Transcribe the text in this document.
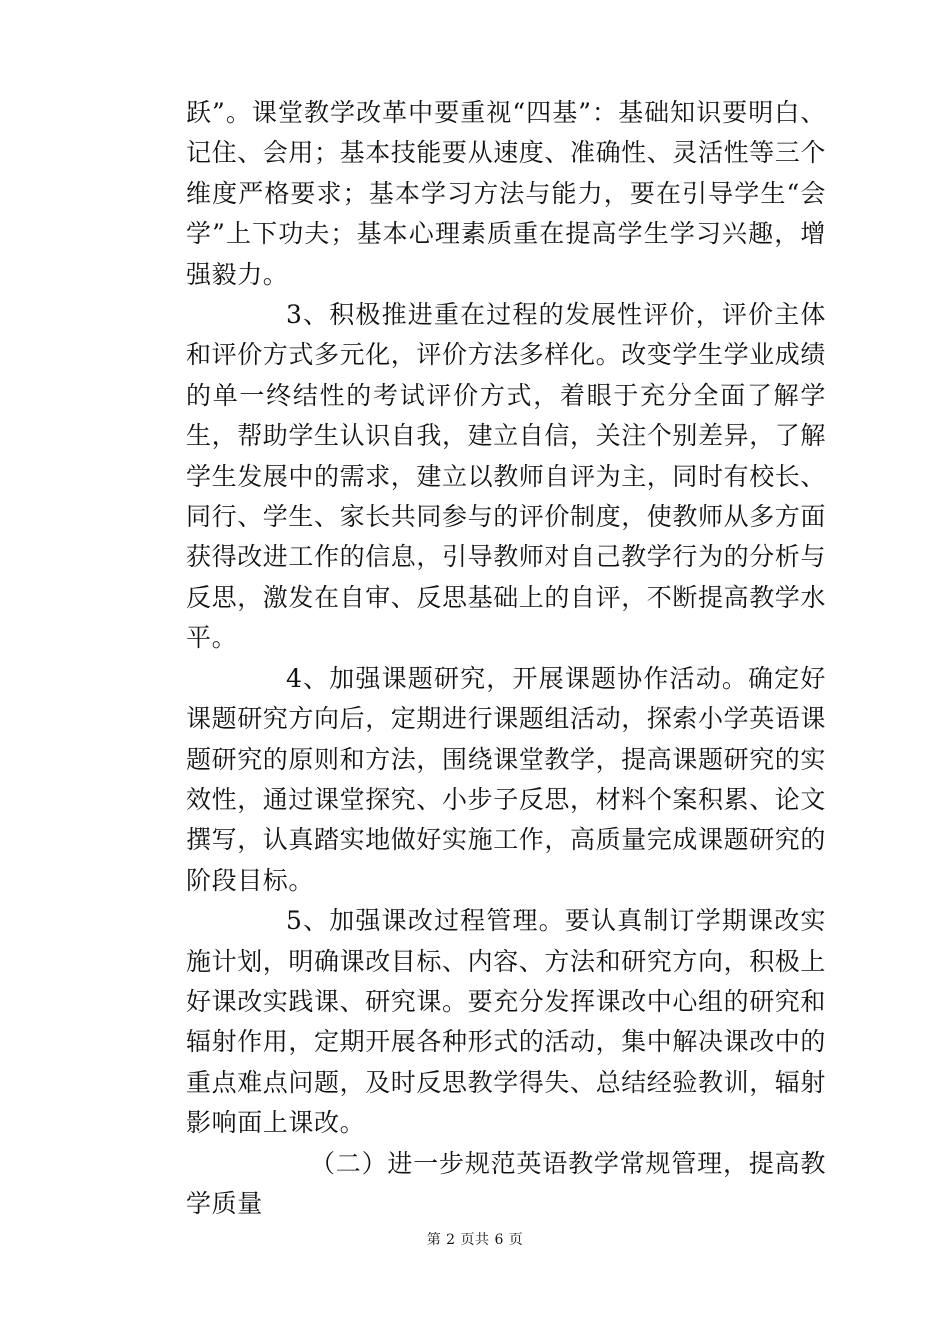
跃”。课堂教学改革中要重视“四基”：基础知识要明白、记住、会用；基本技能要从速度、准确性、灵活性等三个维度严格要求；基本学习方法与能力，要在引导学生“会学”上下功夫；基本心理素质重在提高学生学习兴趣，增强毅力。

3、积极推进重在过程的发展性评价，评价主体和评价方式多元化，评价方法多样化。改变学生学业成绩的单一终结性的考试评价方式，着眼于充分全面了解学生，帮助学生认识自我，建立自信，关注个别差异，了解学生发展中的需求，建立以教师自评为主，同时有校长、同行、学生、家长共同参与的评价制度，使教师从多方面获得改进工作的信息，引导教师对自己教学行为的分析与反思，激发在自审、反思基础上的自评，不断提高教学水平。

4、加强课题研究，开展课题协作活动。确定好课题研究方向后，定期进行课题组活动，探索小学英语课题研究的原则和方法，围绕课堂教学，提高课题研究的实效性，通过课堂探究、小步子反思，材料个案积累、论文撰写，认真踏实地做好实施工作，高质量完成课题研究的阶段目标。

5、加强课改过程管理。要认真制订学期课改实施计划，明确课改目标、内容、方法和研究方向，积极上好课改实践课、研究课。要充分发挥课改中心组的研究和辐射作用，定期开展各种形式的活动，集中解决课改中的重点难点问题，及时反思教学得失、总结经验教训，辐射影响面上课改。

（二）进一步规范英语教学常规管理，提高教学质量

第 2 页共 6 页
